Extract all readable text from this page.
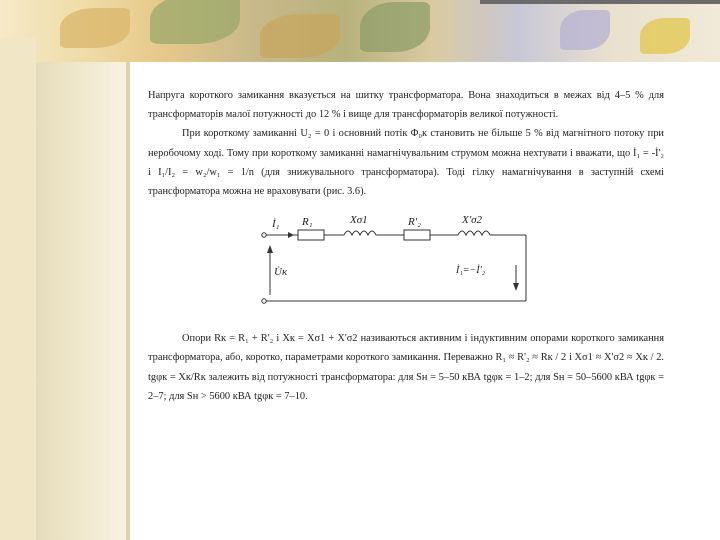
Напруга короткого замикання вказується на шитку трансформатора. Вона знаходиться в межах від 4–5 % для трансформаторів малої потужності до 12 % і вище для трансформаторів великої потужності.

При короткому замиканні U₂ = 0 і основний потік Φ₀к становить не більше 5 % від магнітного потоку при неробочому ході. Тому при короткому замиканні намагнічувальним струмом можна нехтувати і вважати, що İ₁ = -İ'₂ і I₁/I₂ = w₂/w₁ = 1/n (для знижувального трансформатора). Тоді гілку намагнічування в заступній схемі трансформатора можна не враховувати (рис. 3.6).

İ₁ R₁	Xσ1	R'₂	X'σ2
U̇к	İ₁=−İ'₂

Опори Rк = R₁ + R'₂ і Xк = Xσ1 + X'σ2 називаються активним і індуктивним опорами короткого замикання трансформатора, або, коротко, параметрами короткого замикання. Переважно R₁ ≈ R'₂ ≈ Rк / 2 і Xσ1 ≈ X'σ2 ≈ Xк / 2. tgφк = Xк/Rк залежить від потужності трансформатора: для Sн = 5–50 кВА tgφк = 1–2; для Sн = 50–5600 кВА tgφк = 2–7; для Sн > 5600 кВА tgφк = 7–10.
